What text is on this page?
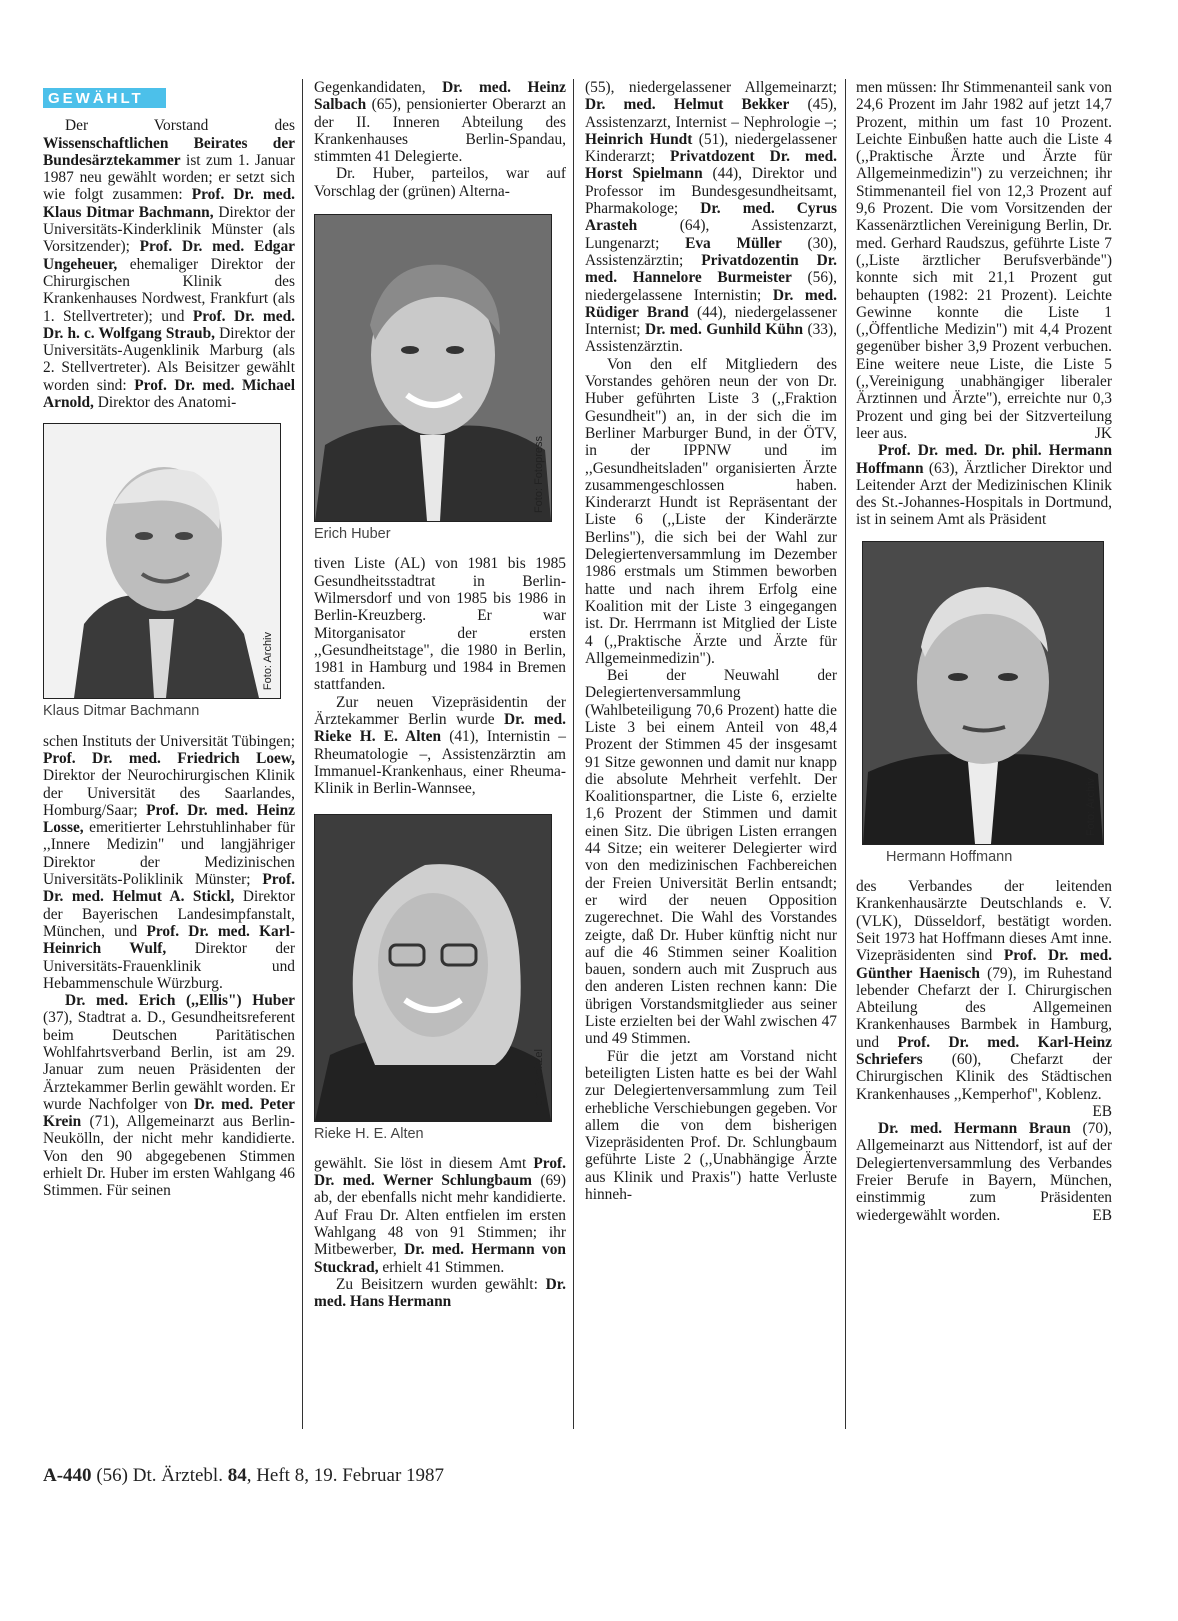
GEWÄHLT

Der Vorstand des Wissenschaftlichen Beirates der Bundesärztekammer ist zum 1. Januar 1987 neu gewählt worden; er setzt sich wie folgt zusammen: Prof. Dr. med. Klaus Ditmar Bachmann, Direktor der Universitäts-Kinderklinik Münster (als Vorsitzender); Prof. Dr. med. Edgar Ungeheuer, ehemaliger Direktor der Chirurgischen Klinik des Krankenhauses Nordwest, Frankfurt (als 1. Stellvertreter); und Prof. Dr. med. Dr. h. c. Wolfgang Straub, Direktor der Universitäts-Augenklinik Marburg (als 2. Stellvertreter). Als Beisitzer gewählt worden sind: Prof. Dr. med. Michael Arnold, Direktor des Anatomi-

Foto: Archiv
Klaus Ditmar Bachmann

schen Instituts der Universität Tübingen; Prof. Dr. med. Friedrich Loew, Direktor der Neurochirurgischen Klinik der Universität des Saarlandes, Homburg/Saar; Prof. Dr. med. Heinz Losse, emeritierter Lehrstuhlinhaber für ,,Innere Medizin" und langjähriger Direktor der Medizinischen Universitäts-Poliklinik Münster; Prof. Dr. med. Helmut A. Stickl, Direktor der Bayerischen Landesimpfanstalt, München, und Prof. Dr. med. Karl-Heinrich Wulf, Direktor der Universitäts-Frauenklinik und Hebammenschule Würzburg.

Dr. med. Erich (,,Ellis") Huber (37), Stadtrat a. D., Gesundheitsreferent beim Deutschen Paritätischen Wohlfahrtsverband Berlin, ist am 29. Januar zum neuen Präsidenten der Ärztekammer Berlin gewählt worden. Er wurde Nachfolger von Dr. med. Peter Krein (71), Allgemeinarzt aus Berlin-Neukölln, der nicht mehr kandidierte. Von den 90 abgegebenen Stimmen erhielt Dr. Huber im ersten Wahlgang 46 Stimmen. Für seinen

Gegenkandidaten, Dr. med. Heinz Salbach (65), pensionierter Oberarzt an der II. Inneren Abteilung des Krankenhauses Berlin-Spandau, stimmten 41 Delegierte.

Dr. Huber, parteilos, war auf Vorschlag der (grünen) Alterna-

Foto: Fotopress
Erich Huber

tiven Liste (AL) von 1981 bis 1985 Gesundheitsstadtrat in Berlin-Wilmersdorf und von 1985 bis 1986 in Berlin-Kreuzberg. Er war Mitorganisator der ersten ,,Gesundheitstage", die 1980 in Berlin, 1981 in Hamburg und 1984 in Bremen stattfanden.

Zur neuen Vizepräsidentin der Ärztekammer Berlin wurde Dr. med. Rieke H. E. Alten (41), Internistin – Rheumatologie –, Assistenzärztin am Immanuel-Krankenhaus, einer Rheuma-Klinik in Berlin-Wannsee,

Foto: Weitzel
Rieke H. E. Alten

gewählt. Sie löst in diesem Amt Prof. Dr. med. Werner Schlungbaum (69) ab, der ebenfalls nicht mehr kandidierte. Auf Frau Dr. Alten entfielen im ersten Wahlgang 48 von 91 Stimmen; ihr Mitbewerber, Dr. med. Hermann von Stuckrad, erhielt 41 Stimmen.

Zu Beisitzern wurden gewählt: Dr. med. Hans Hermann

(55), niedergelassener Allgemeinarzt; Dr. med. Helmut Bekker (45), Assistenzarzt, Internist – Nephrologie –; Heinrich Hundt (51), niedergelassener Kinderarzt; Privatdozent Dr. med. Horst Spielmann (44), Direktor und Professor im Bundesgesundheitsamt, Pharmakologe; Dr. med. Cyrus Arasteh (64), Assistenzarzt, Lungenarzt; Eva Müller (30), Assistenzärztin; Privatdozentin Dr. med. Hannelore Burmeister (56), niedergelassene Internistin; Dr. med. Rüdiger Brand (44), niedergelassener Internist; Dr. med. Gunhild Kühn (33), Assistenzärztin.

Von den elf Mitgliedern des Vorstandes gehören neun der von Dr. Huber geführten Liste 3 (,,Fraktion Gesundheit") an, in der sich die im Berliner Marburger Bund, in der ÖTV, in der IPPNW und im ,,Gesundheitsladen" organisierten Ärzte zusammengeschlossen haben. Kinderarzt Hundt ist Repräsentant der Liste 6 (,,Liste der Kinderärzte Berlins"), die sich bei der Wahl zur Delegiertenversammlung im Dezember 1986 erstmals um Stimmen beworben hatte und nach ihrem Erfolg eine Koalition mit der Liste 3 eingegangen ist. Dr. Herrmann ist Mitglied der Liste 4 (,,Praktische Ärzte und Ärzte für Allgemeinmedizin").

Bei der Neuwahl der Delegiertenversammlung (Wahlbeteiligung 70,6 Prozent) hatte die Liste 3 bei einem Anteil von 48,4 Prozent der Stimmen 45 der insgesamt 91 Sitze gewonnen und damit nur knapp die absolute Mehrheit verfehlt. Der Koalitionspartner, die Liste 6, erzielte 1,6 Prozent der Stimmen und damit einen Sitz. Die übrigen Listen errangen 44 Sitze; ein weiterer Delegierter wird von den medizinischen Fachbereichen der Freien Universität Berlin entsandt; er wird der neuen Opposition zugerechnet. Die Wahl des Vorstandes zeigte, daß Dr. Huber künftig nicht nur auf die 46 Stimmen seiner Koalition bauen, sondern auch mit Zuspruch aus den anderen Listen rechnen kann: Die übrigen Vorstandsmitglieder aus seiner Liste erzielten bei der Wahl zwischen 47 und 49 Stimmen.

Für die jetzt am Vorstand nicht beteiligten Listen hatte es bei der Wahl zur Delegiertenversammlung zum Teil erhebliche Verschiebungen gegeben. Vor allem die von dem bisherigen Vizepräsidenten Prof. Dr. Schlungbaum geführte Liste 2 (,,Unabhängige Ärzte aus Klinik und Praxis") hatte Verluste hinneh-

men müssen: Ihr Stimmenanteil sank von 24,6 Prozent im Jahr 1982 auf jetzt 14,7 Prozent, mithin um fast 10 Prozent. Leichte Einbußen hatte auch die Liste 4 (,,Praktische Ärzte und Ärzte für Allgemeinmedizin") zu verzeichnen; ihr Stimmenanteil fiel von 12,3 Prozent auf 9,6 Prozent. Die vom Vorsitzenden der Kassenärztlichen Vereinigung Berlin, Dr. med. Gerhard Raudszus, geführte Liste 7 (,,Liste ärztlicher Berufsverbände") konnte sich mit 21,1 Prozent gut behaupten (1982: 21 Prozent). Leichte Gewinne konnte die Liste 1 (,,Öffentliche Medizin") mit 4,4 Prozent gegenüber bisher 3,9 Prozent verbuchen. Eine weitere neue Liste, die Liste 5 (,,Vereinigung unabhängiger liberaler Ärztinnen und Ärzte"), erreichte nur 0,3 Prozent und ging bei der Sitzverteilung leer aus.	JK

Prof. Dr. med. Dr. phil. Hermann Hoffmann (63), Ärztlicher Direktor und Leitender Arzt der Medizinischen Klinik des St.-Johannes-Hospitals in Dortmund, ist in seinem Amt als Präsident

Foto: Archiv
Hermann Hoffmann

des Verbandes der leitenden Krankenhausärzte Deutschlands e. V. (VLK), Düsseldorf, bestätigt worden. Seit 1973 hat Hoffmann dieses Amt inne. Vizepräsidenten sind Prof. Dr. med. Günther Haenisch (79), im Ruhestand lebender Chefarzt der I. Chirurgischen Abteilung des Allgemeinen Krankenhauses Barmbek in Hamburg, und Prof. Dr. med. Karl-Heinz Schriefers (60), Chefarzt der Chirurgischen Klinik des Städtischen Krankenhauses ,,Kemperhof", Koblenz.
EB

Dr. med. Hermann Braun (70), Allgemeinarzt aus Nittendorf, ist auf der Delegiertenversammlung des Verbandes Freier Berufe in Bayern, München, einstimmig zum Präsidenten wiedergewählt worden.	EB

A-440 (56) Dt. Ärztebl. 84, Heft 8, 19. Februar 1987
